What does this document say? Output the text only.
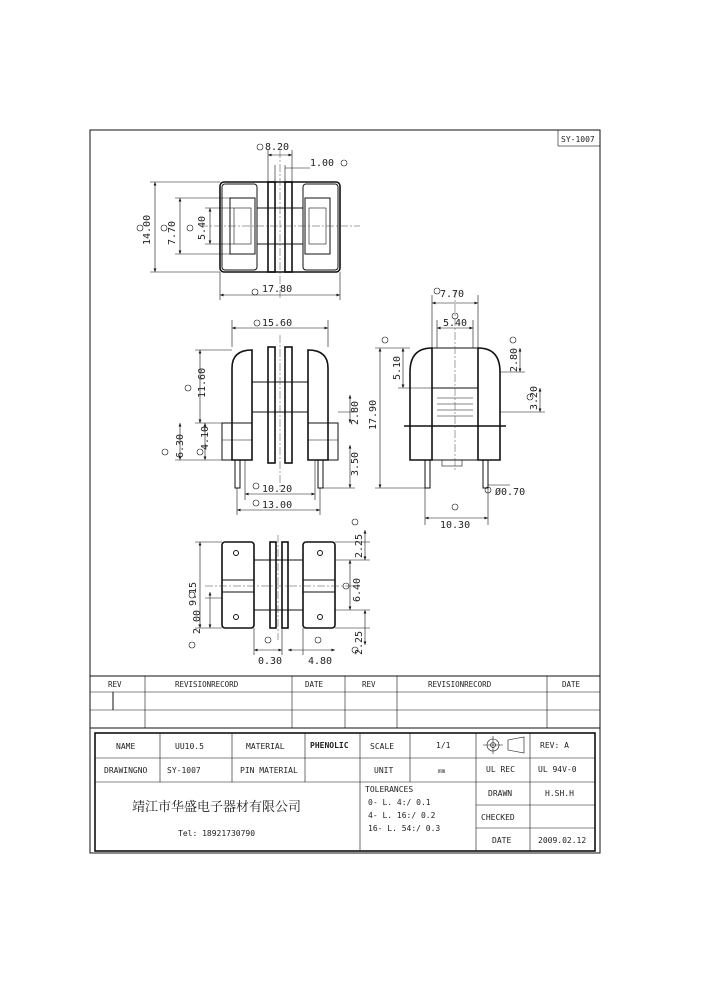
SY-1007
8.20
1.00
14.00 7.70 5.40
17.80
15.60
11.60
6.30 4.10
2.80
3.50
10.20
13.00
7.70
5.40
5.10	2.80
17.90
3.20
Ø0.70
10.30
2.25
9.15	6.40
2.00
2.25
0.30	4.80
REV	REVISIONRECORD	DATE	REV	REVISIONRECORD	DATE
NAME	UU10.5	MATERIAL	PHENOLIC	SCALE	1/1	REV: A
DRAWINGNO SY-1007	PIN MATERIAL	UNIT	mm	UL REC	UL 94V-0
靖江市华盛电子器材有限公司
Tel: 18921730790
TOLERANCES
0- L. 4:/ 0.1
4- L. 16:/ 0.2
16- L. 54:/ 0.3
DRAWN	H.SH.H
CHECKED
DATE	2009.02.12
